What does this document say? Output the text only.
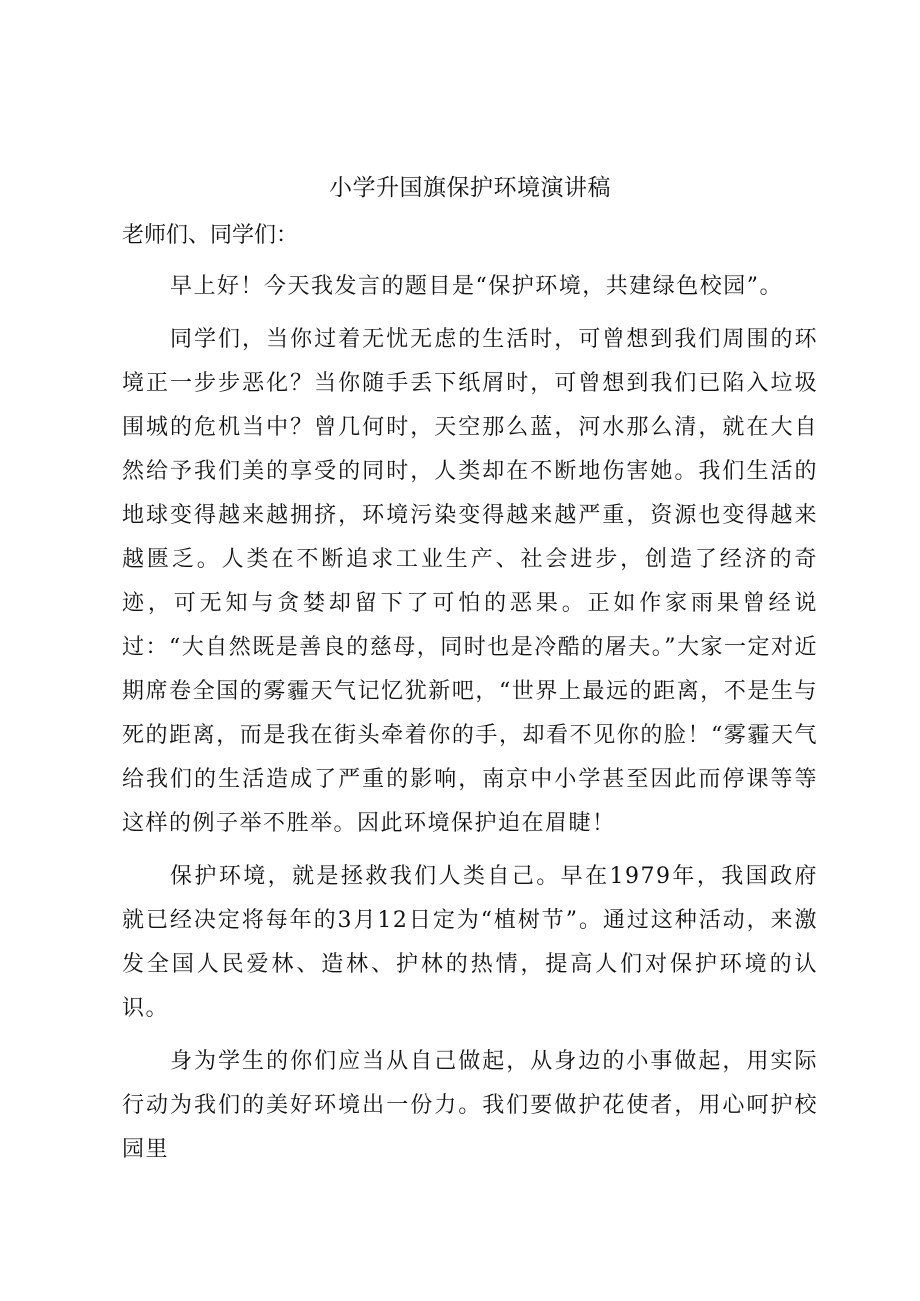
小学升国旗保护环境演讲稿

老师们、同学们：

早上好！今天我发言的题目是“保护环境，共建绿色校园”。

同学们，当你过着无忧无虑的生活时，可曾想到我们周围的环境正一步步恶化？当你随手丢下纸屑时，可曾想到我们已陷入垃圾围城的危机当中？曾几何时，天空那么蓝，河水那么清，就在大自然给予我们美的享受的同时，人类却在不断地伤害她。我们生活的地球变得越来越拥挤，环境污染变得越来越严重，资源也变得越来越匮乏。人类在不断追求工业生产、社会进步，创造了经济的奇迹，可无知与贪婪却留下了可怕的恶果。正如作家雨果曾经说过：“大自然既是善良的慈母，同时也是冷酷的屠夫。”大家一定对近期席卷全国的雾霾天气记忆犹新吧，“世界上最远的距离，不是生与死的距离，而是我在街头牵着你的手，却看不见你的脸！“雾霾天气给我们的生活造成了严重的影响，南京中小学甚至因此而停课等等这样的例子举不胜举。因此环境保护迫在眉睫！

保护环境，就是拯救我们人类自己。早在1979年，我国政府就已经决定将每年的3月12日定为“植树节”。通过这种活动，来激发全国人民爱林、造林、护林的热情，提高人们对保护环境的认识。

身为学生的你们应当从自己做起，从身边的小事做起，用实际行动为我们的美好环境出一份力。我们要做护花使者，用心呵护校园里
